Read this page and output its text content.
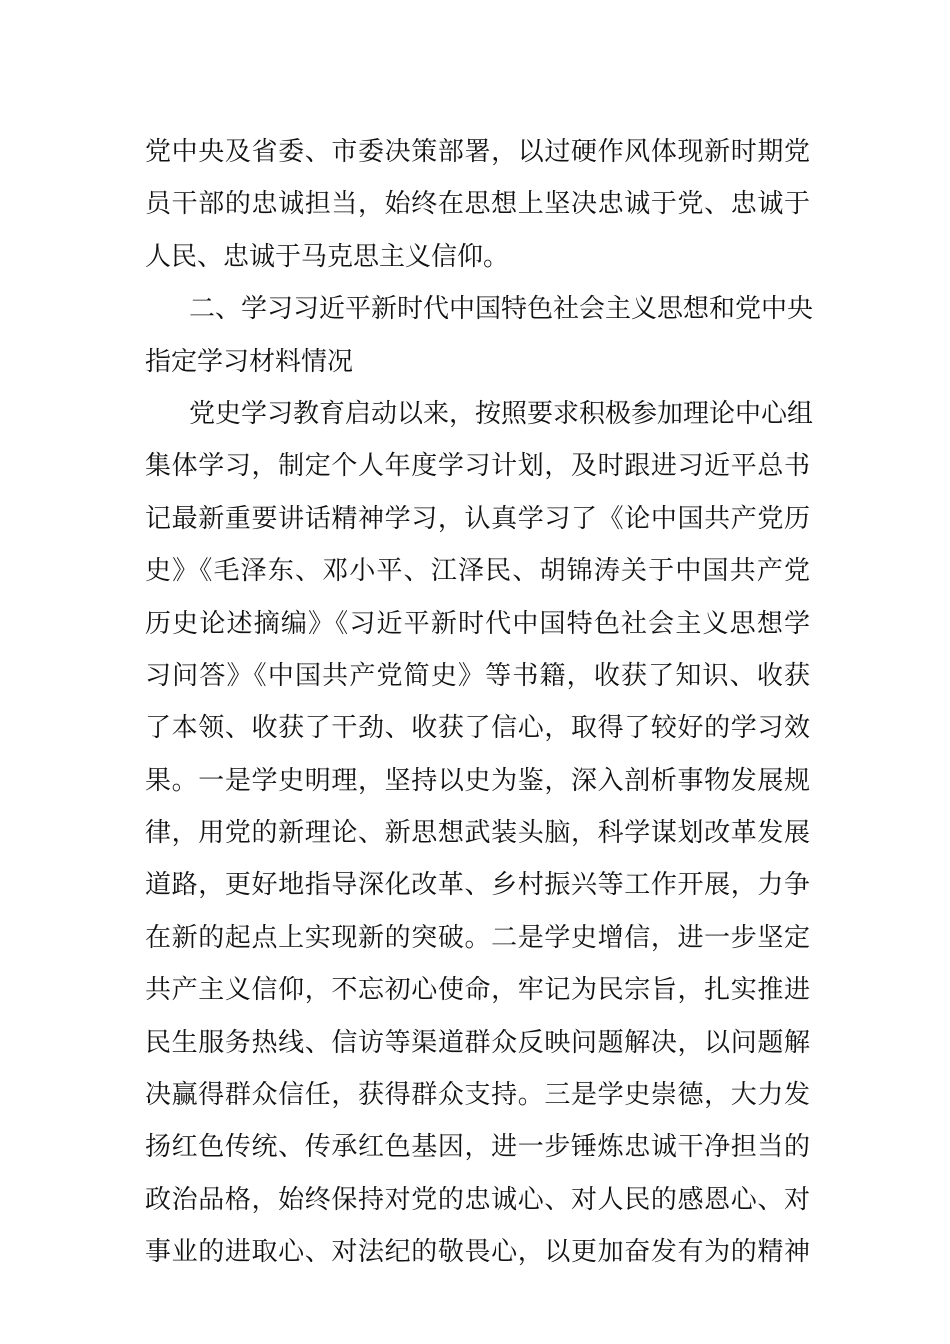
党中央及省委、市委决策部署，以过硬作风体现新时期党
员干部的忠诚担当，始终在思想上坚决忠诚于党、忠诚于
人民、忠诚于马克思主义信仰。
二、学习习近平新时代中国特色社会主义思想和党中央
指定学习材料情况
党史学习教育启动以来，按照要求积极参加理论中心组
集体学习，制定个人年度学习计划，及时跟进习近平总书
记最新重要讲话精神学习，认真学习了《论中国共产党历
史》《毛泽东、邓小平、江泽民、胡锦涛关于中国共产党
历史论述摘编》《习近平新时代中国特色社会主义思想学
习问答》《中国共产党简史》等书籍，收获了知识、收获
了本领、收获了干劲、收获了信心，取得了较好的学习效
果。一是学史明理，坚持以史为鉴，深入剖析事物发展规
律，用党的新理论、新思想武装头脑，科学谋划改革发展
道路，更好地指导深化改革、乡村振兴等工作开展，力争
在新的起点上实现新的突破。二是学史增信，进一步坚定
共产主义信仰，不忘初心使命，牢记为民宗旨，扎实推进
民生服务热线、信访等渠道群众反映问题解决，以问题解
决赢得群众信任，获得群众支持。三是学史崇德，大力发
扬红色传统、传承红色基因，进一步锤炼忠诚干净担当的
政治品格，始终保持对党的忠诚心、对人民的感恩心、对
事业的进取心、对法纪的敬畏心，以更加奋发有为的精神
